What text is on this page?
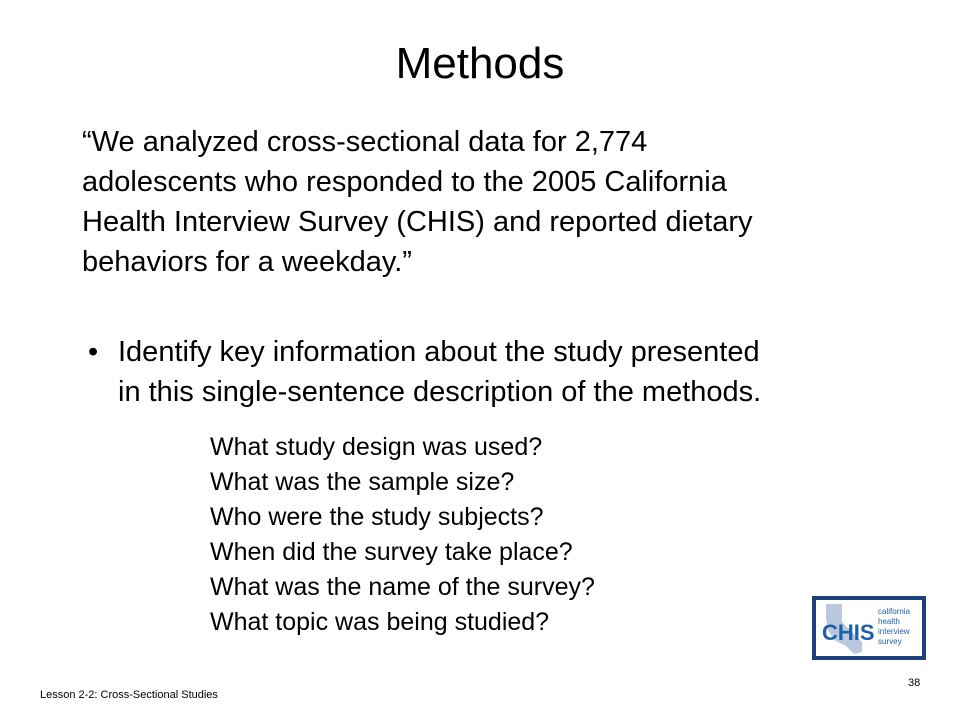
Methods

“We analyzed cross-sectional data for 2,774
adolescents who responded to the 2005 California
Health Interview Survey (CHIS) and reported dietary
behaviors for a weekday.”

• Identify key information about the study presented
in this single-sentence description of the methods.
What study design was used?
What was the sample size?
Who were the study subjects?
When did the survey take place?
What was the name of the survey?
What topic was being studied?	CHIS
california
health
interview
survey
Lesson 2-2: Cross-Sectional Studies
38
